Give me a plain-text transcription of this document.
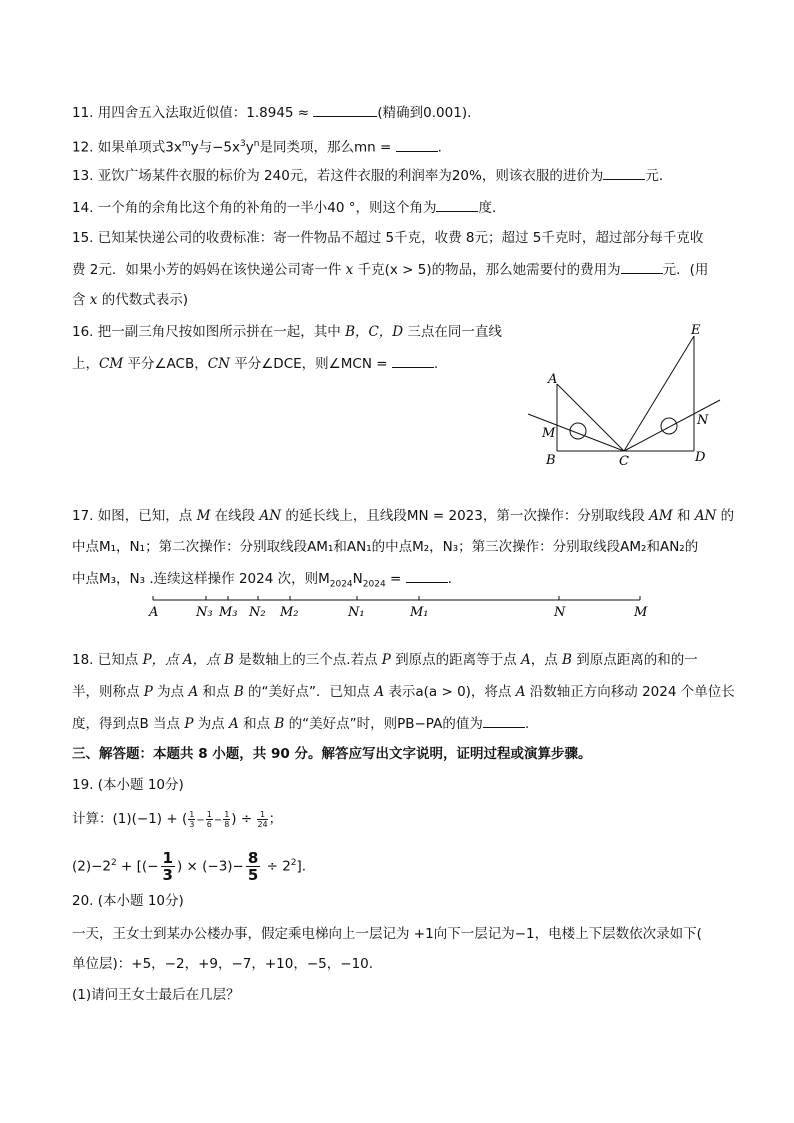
11. 用四舍五入法取近似值：1.8945 ≈	(精确到0.001).
12. 如果单项式$3x^my$与$-5x^3y^n$是同类项，那么mn =	.
13. 亚饮广场某件衣服的标价为 240元，若这件衣服的利润率为20%，则该衣服的进价为	元．
14. 一个角的余角比这个角的补角的一半小40 °，则这个角为	度．
15. 已知某快递公司的收费标准：寄一件物品不超过 5千克，收费 8元；超过 5千克时，超过部分每千克收
费 2元．如果小芳的妈妈在该快递公司寄一件 x 千克(x > 5)的物品，那么她需要付的费用为	元．(用
含 x 的代数式表示)
16. 把一副三角尺按如图所示拼在一起，其中 B，C，D 三点在同一直线
上，CM 平分∠ACB，CN 平分∠DCE，则∠MCN =	.
E
A
M
N
B	C	D
17. 如图，已知，点 M 在线段 AN 的延长线上，且线段MN = 2023，第一次操作：分别取线段 AM 和 AN 的
中点M₁，N₁；第二次操作：分别取线段AM₁和AN₁的中点M₂，N₃；第三次操作：分别取线段AM₂和AN₂的
中点M₃，N₃ .连续这样操作 2024 次，则$M_{2024}N_{2024}$ =	.
A	N₃ M₃ N₂ M₂	N₁	M₁	N	M
18. 已知点 P，点 A，点 B 是数轴上的三个点.若点 P 到原点的距离等于点 A，点 B 到原点距离的和的一
半，则称点 P 为点 A 和点 B 的“美好点”．已知点 A 表示a(a > 0)，将点 A 沿数轴正方向移动 2024 个单位长
度，得到点B 当点 P 为点 A 和点 B 的“美好点”时，则PB−PA的值为	.
三、解答题：本题共 8 小题，共 90 分。解答应写出文字说明，证明过程或演算步骤。
19. (本小题 10分)
计算：(1)(−1) + ( $\frac{1}{3} - \frac{1}{6} - \frac{1}{8}$ ) ÷ $\frac{1}{24}$ ；
$(2)-2^2$ + [(− $\frac{1}{3}$ ) × $(-3)- \frac{8}{5} \div 2^2$].
20. (本小题 10分)
一天，王女士到某办公楼办事，假定乘电梯向上一层记为 +1向下一层记为−1，电楼上下层数依次录如下(
单位层)：+5，−2，+9，−7，+10，−5，−10.
(1)请问王女士最后在几层？
